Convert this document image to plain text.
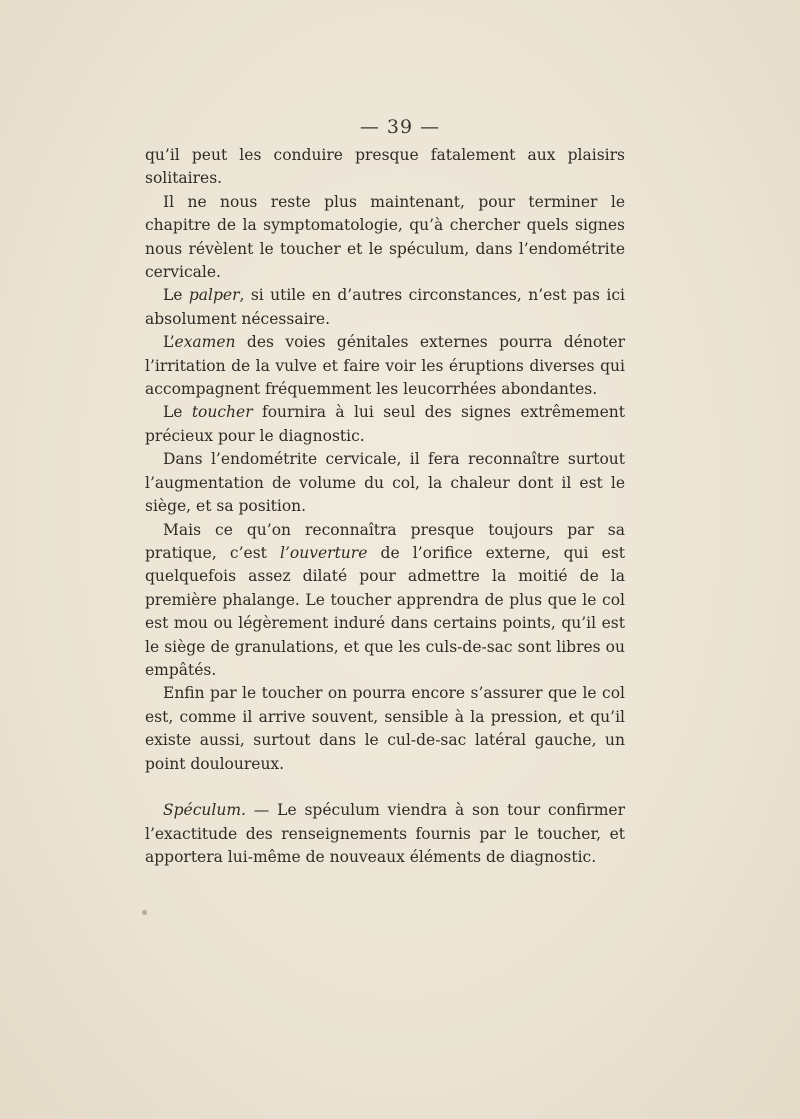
— 39 —

qu’il peut les conduire presque fatalement aux plaisirs solitaires.

Il ne nous reste plus maintenant, pour terminer le chapitre de la symptomatologie, qu’à chercher quels signes nous révèlent le toucher et le spéculum, dans l’endométrite cervicale.

Le palper, si utile en d’autres circonstances, n’est pas ici absolument nécessaire.

L’examen des voies génitales externes pourra dénoter l’irritation de la vulve et faire voir les éruptions diverses qui accompagnent fréquemment les leucorrhées abondantes.

Le toucher fournira à lui seul des signes extrêmement précieux pour le diagnostic.

Dans l’endométrite cervicale, il fera reconnaître surtout l’augmentation de volume du col, la chaleur dont il est le siège, et sa position.

Mais ce qu’on reconnaîtra presque toujours par sa pratique, c’est l’ouverture de l’orifice externe, qui est quelquefois assez dilaté pour admettre la moitié de la première phalange. Le toucher apprendra de plus que le col est mou ou légèrement induré dans certains points, qu’il est le siège de granulations, et que les culs-de-sac sont libres ou empâtés.

Enfin par le toucher on pourra encore s’assurer que le col est, comme il arrive souvent, sensible à la pression, et qu’il existe aussi, surtout dans le cul-de-sac latéral gauche, un point douloureux.

Spéculum. — Le spéculum viendra à son tour confirmer l’exactitude des renseignements fournis par le toucher, et apportera lui-même de nouveaux éléments de diagnostic.
